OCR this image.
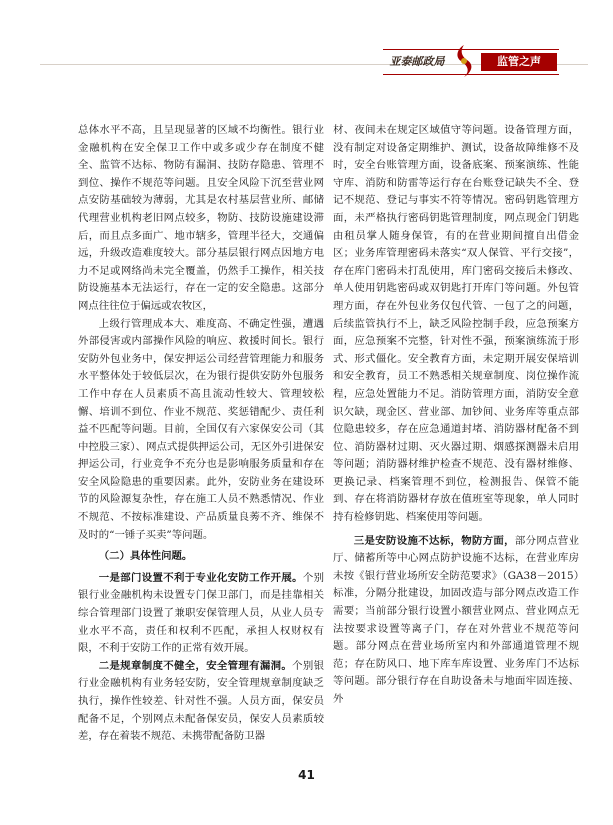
亚泰邮政局	监管之声

总体水平不高，且呈现显著的区域不均衡性。银行业金融机构在安全保卫工作中或多或少存在制度不健全、监管不达标、物防有漏洞、技防存隐患、管理不到位、操作不规范等问题。且安全风险下沉至营业网点安防基础较为薄弱，尤其是农村基层营业所、邮储代理营业机构老旧网点较多，物防、技防设施建设滞后，而且点多面广、地市辖多，管理半径大，交通偏远，升级改造难度较大。部分基层银行网点因地方电力不足或网络尚未完全覆盖，仍然手工操作，相关技防设施基本无法运行，存在一定的安全隐患。这部分网点往往位于偏远或农牧区，

上级行管理成本大、难度高、不确定性强，遭遇外部侵害或内部操作风险的响应、救援时间长。银行安防外包业务中，保安押运公司经营管理能力和服务水平整体处于较低层次，在为银行提供安防外包服务工作中存在人员素质不高且流动性较大、管理较松懈、培训不到位、作业不规范、奖惩错配少、责任利益不匹配等问题。目前，全国仅有六家保安公司（其中控股三家）、网点式提供押运公司，无区外引进保安押运公司，行业竞争不充分也是影响服务质量和存在安全风险隐患的重要因素。此外，安防业务在建设环节的风险源复杂性，存在施工人员不熟悉情况、作业不规范、不按标准建设、产品质量良莠不齐、维保不及时的“一锤子买卖”等问题。

（二）具体性问题。

一是部门设置不利于专业化安防工作开展。个别银行业金融机构未设置专门保卫部门，而是挂靠相关综合管理部门设置了兼职安保管理人员，从业人员专业水平不高，责任和权利不匹配，承担人权财权有限，不利于安防工作的正常有效开展。

二是规章制度不健全，安全管理有漏洞。个别银行业金融机构有业务轻安防，安全管理规章制度缺乏执行，操作性较差、针对性不强。人员方面，保安员配备不足，个别网点未配备保安员，保安人员素质较差，存在着装不规范、未携带配备防卫器

材、夜间未在规定区域值守等问题。设备管理方面，没有制定对设备定期维护、测试，设备故障维修不及时，安全台账管理方面，设备底案、预案演练、性能守库、消防和防雷等运行存在台账登记缺失不全、登记不规范、登记与事实不符等情况。密码钥匙管理方面，未严格执行密码钥匙管理制度，网点现金门钥匙由租员掌人随身保管，有的在营业期间擅自出借金区；业务库管理密码未落实“双人保管、平行交接”，存在库门密码未打乱使用，库门密码交接后未修改、单人使用钥匙密码或双钥匙打开库门等问题。外包管理方面，存在外包业务仅包代管、一包了之的问题，后续监管执行不上，缺乏风险控制手段，应急预案方面，应急预案不完整，针对性不强，预案演练流于形式、形式僵化。安全教育方面，未定期开展安保培训和安全教育，员工不熟悉相关规章制度、岗位操作流程，应急处置能力不足。消防管理方面，消防安全意识欠缺，现金区、营业部、加钞间、业务库等重点部位隐患较多，存在应急通道封堵、消防器材配备不到位、消防器材过期、灭火器过期、烟感探测器未启用等问题；消防器材维护检查不规范、没有器材维修、更换记录、档案管理不到位，检测报告、保管不能到、存在将消防器材存放在值班室等现象，单人同时持有检修钥匙、档案使用等问题。

三是安防设施不达标，物防方面，部分网点营业厅、储蓄所等中心网点防护设施不达标，在营业库房未按《银行营业场所安全防范要求》（GA38－2015）标准，分隔分批建设，加固改造与部分网点改造工作需要；当前部分银行设置小额营业网点、营业网点无法按要求设置等离子门，存在对外营业不规范等问题。部分网点在营业场所室内和外部通道管理不规范；存在防风口、地下库车库设置、业务库门不达标等问题。部分银行存在自助设备未与地面牢固连接、外

41
